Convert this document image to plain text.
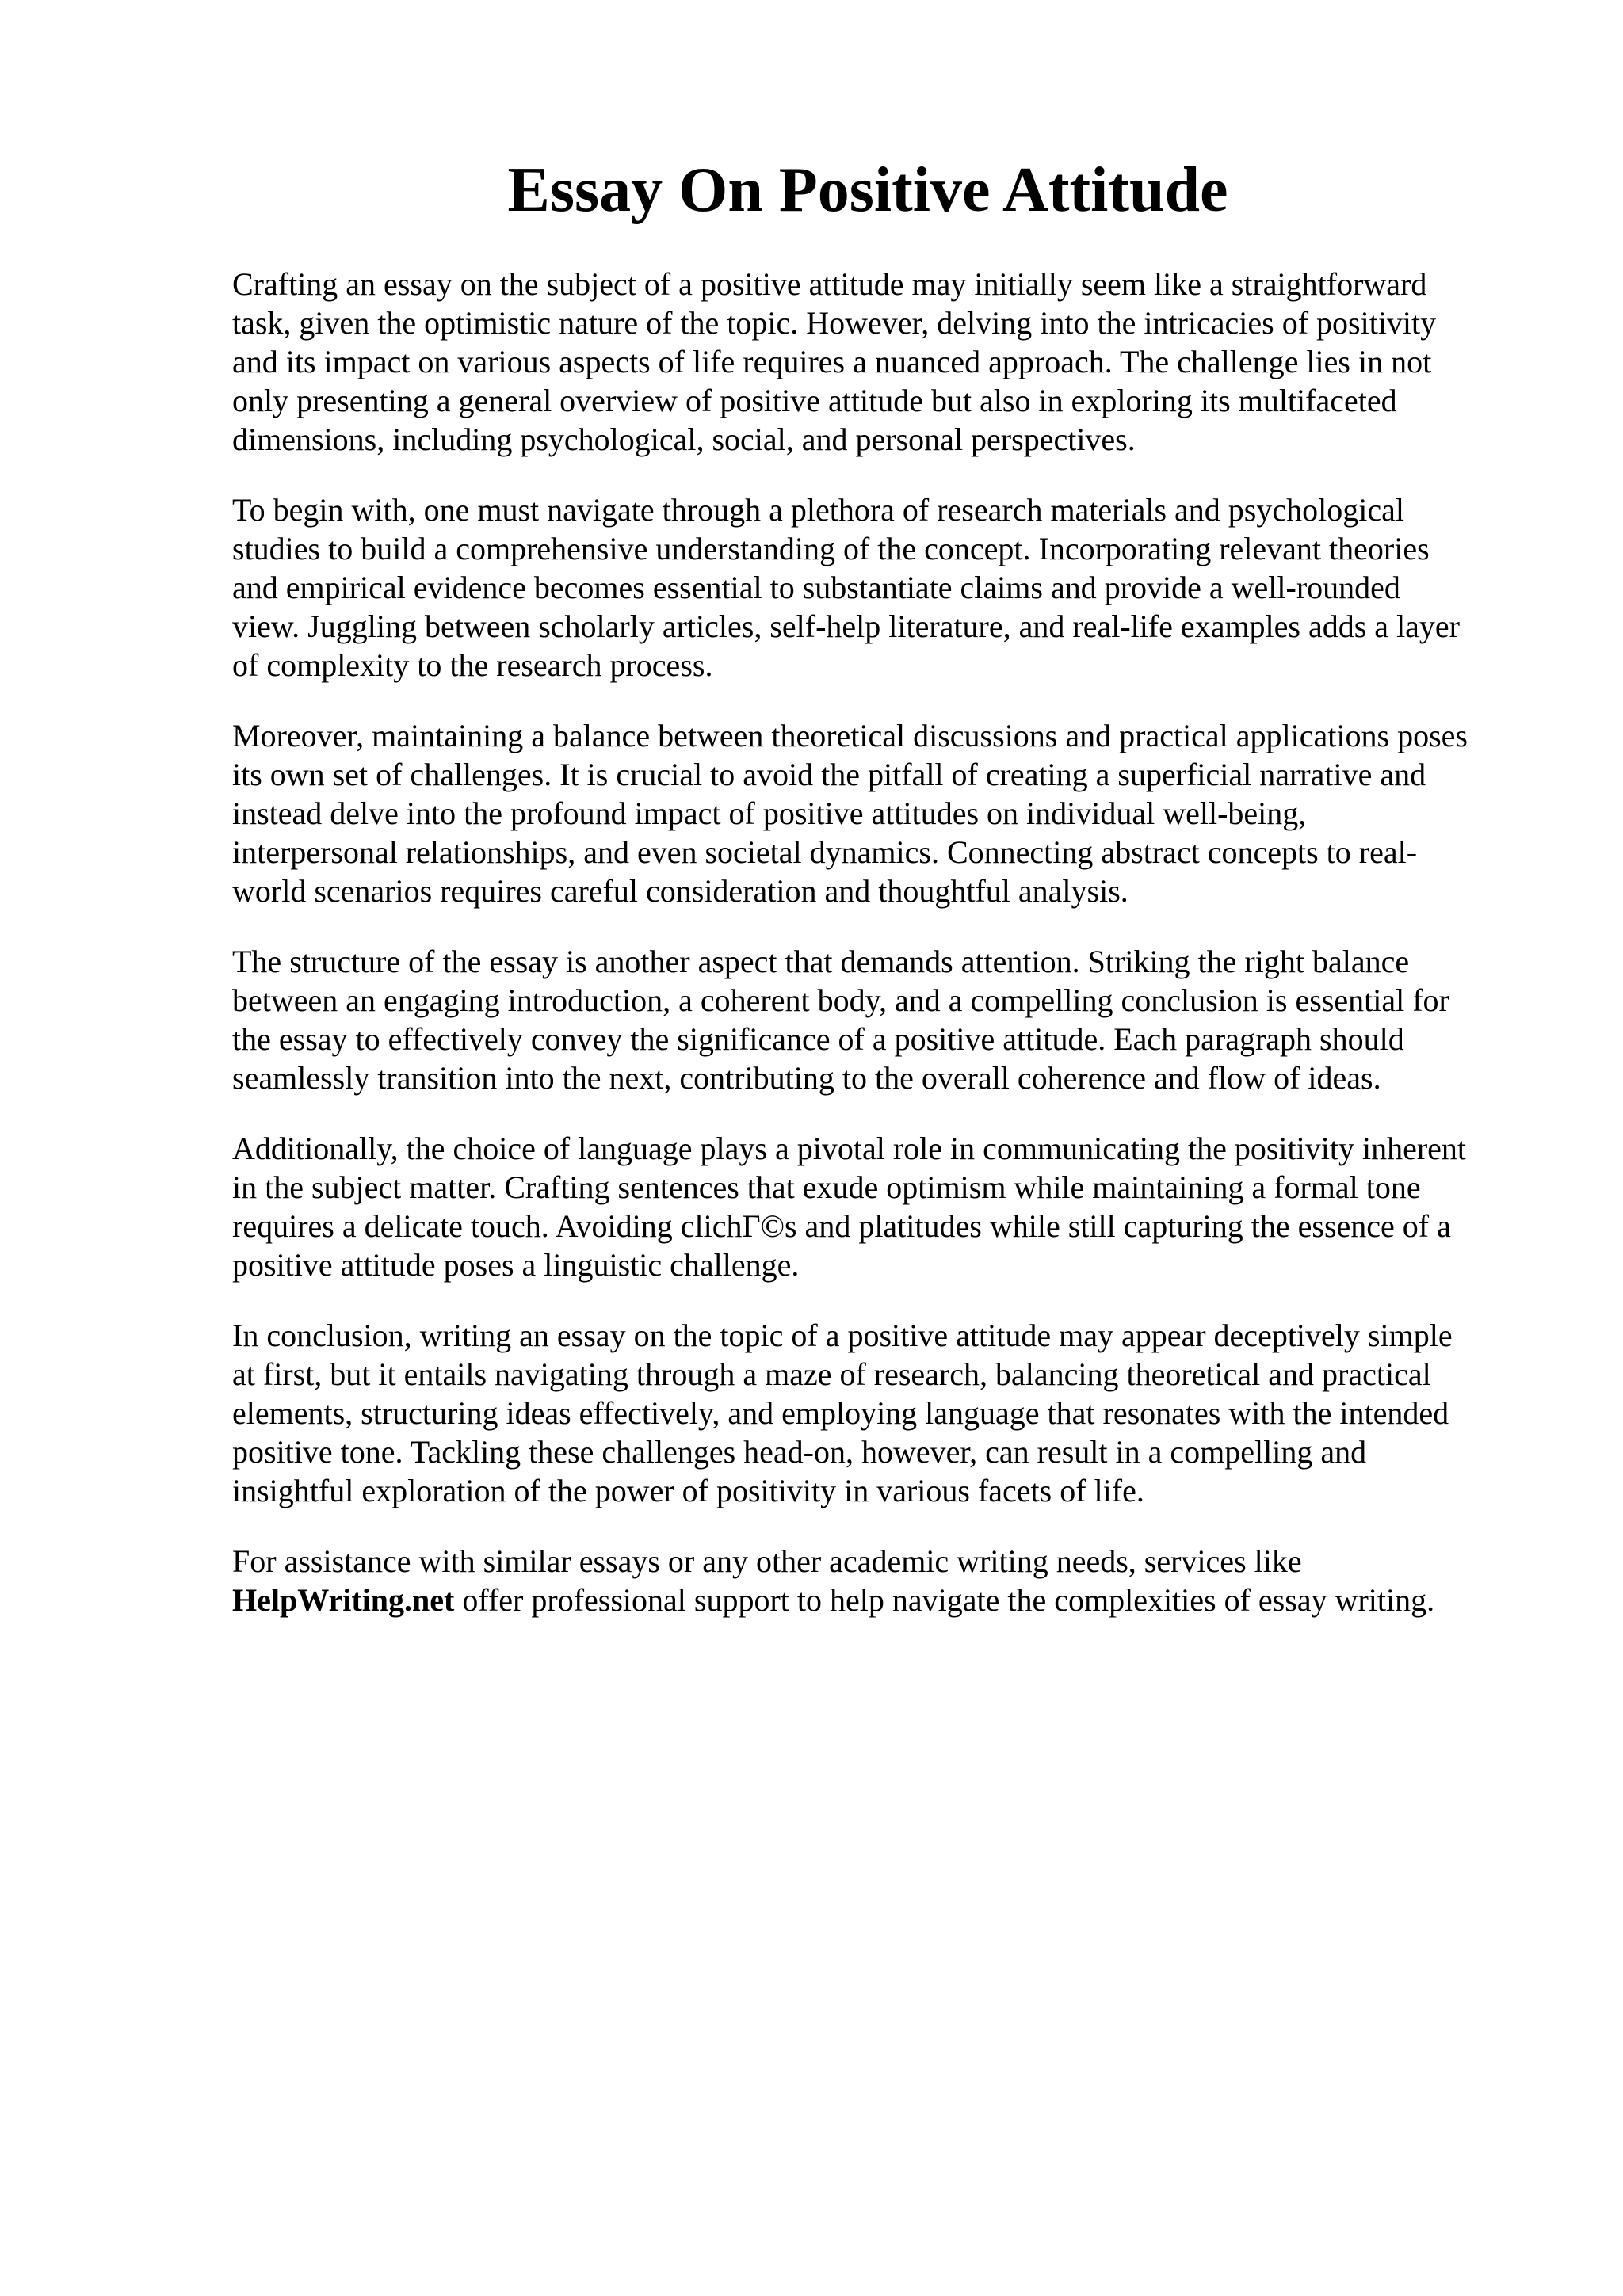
Essay On Positive Attitude

Crafting an essay on the subject of a positive attitude may initially seem like a straightforward
task, given the optimistic nature of the topic. However, delving into the intricacies of positivity
and its impact on various aspects of life requires a nuanced approach. The challenge lies in not
only presenting a general overview of positive attitude but also in exploring its multifaceted
dimensions, including psychological, social, and personal perspectives.

To begin with, one must navigate through a plethora of research materials and psychological
studies to build a comprehensive understanding of the concept. Incorporating relevant theories
and empirical evidence becomes essential to substantiate claims and provide a well-rounded
view. Juggling between scholarly articles, self-help literature, and real-life examples adds a layer
of complexity to the research process.

Moreover, maintaining a balance between theoretical discussions and practical applications poses
its own set of challenges. It is crucial to avoid the pitfall of creating a superficial narrative and
instead delve into the profound impact of positive attitudes on individual well-being,
interpersonal relationships, and even societal dynamics. Connecting abstract concepts to real-
world scenarios requires careful consideration and thoughtful analysis.

The structure of the essay is another aspect that demands attention. Striking the right balance
between an engaging introduction, a coherent body, and a compelling conclusion is essential for
the essay to effectively convey the significance of a positive attitude. Each paragraph should
seamlessly transition into the next, contributing to the overall coherence and flow of ideas.

Additionally, the choice of language plays a pivotal role in communicating the positivity inherent
in the subject matter. Crafting sentences that exude optimism while maintaining a formal tone
requires a delicate touch. Avoiding clichΓ©s and platitudes while still capturing the essence of a
positive attitude poses a linguistic challenge.

In conclusion, writing an essay on the topic of a positive attitude may appear deceptively simple
at first, but it entails navigating through a maze of research, balancing theoretical and practical
elements, structuring ideas effectively, and employing language that resonates with the intended
positive tone. Tackling these challenges head-on, however, can result in a compelling and
insightful exploration of the power of positivity in various facets of life.

For assistance with similar essays or any other academic writing needs, services like
HelpWriting.net offer professional support to help navigate the complexities of essay writing.
